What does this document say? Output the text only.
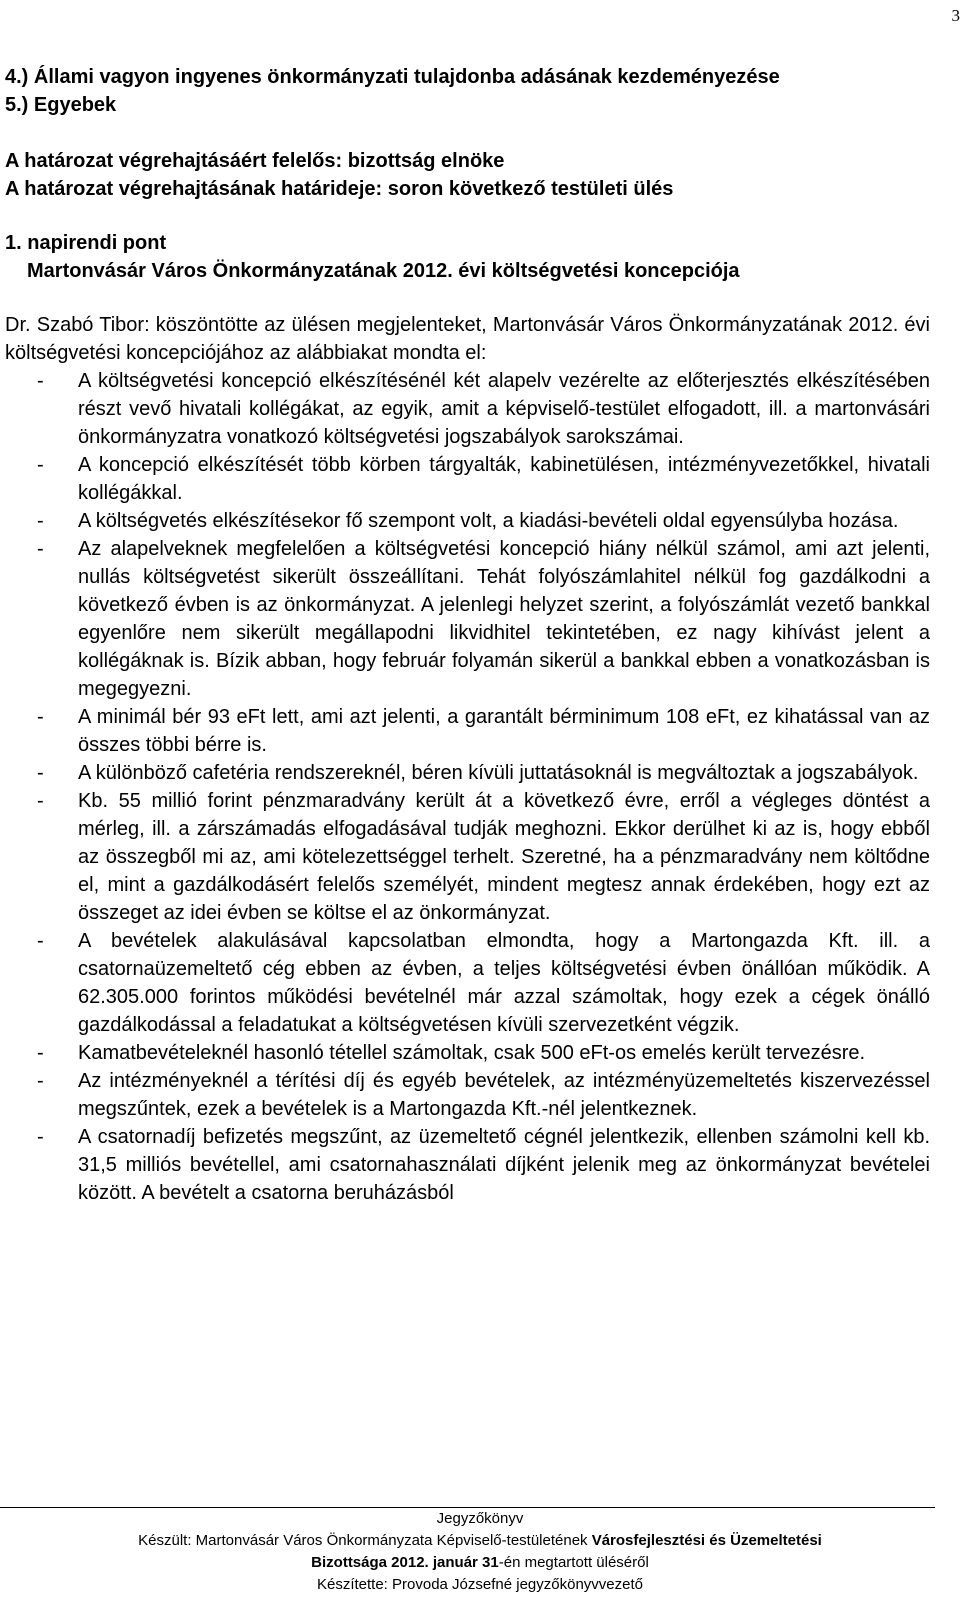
3
4.) Állami vagyon ingyenes önkormányzati tulajdonba adásának kezdeményezése
5.) Egyebek
A határozat végrehajtásáért felelős: bizottság elnöke
A határozat végrehajtásának határideje: soron következő testületi ülés
1. napirendi pont
Martonvásár Város Önkormányzatának 2012. évi költségvetési koncepciója
Dr. Szabó Tibor: köszöntötte az ülésen megjelenteket, Martonvásár Város Önkormányzatának 2012. évi költségvetési koncepciójához az alábbiakat mondta el:
- A költségvetési koncepció elkészítésénél két alapelv vezérelte az előterjesztés elkészítésében részt vevő hivatali kollégákat, az egyik, amit a képviselő-testület elfogadott, ill. a martonvásári önkormányzatra vonatkozó költségvetési jogszabályok sarokszámai.
- A koncepció elkészítését több körben tárgyalták, kabinetülésen, intézményvezetőkkel, hivatali kollégákkal.
- A költségvetés elkészítésekor fő szempont volt, a kiadási-bevételi oldal egyensúlyba hozása.
- Az alapelveknek megfelelően a költségvetési koncepció hiány nélkül számol, ami azt jelenti, nullás költségvetést sikerült összeállítani. Tehát folyószámlahitel nélkül fog gazdálkodni a következő évben is az önkormányzat. A jelenlegi helyzet szerint, a folyószámlát vezető bankkal egyenlőre nem sikerült megállapodni likvidhitel tekintetében, ez nagy kihívást jelent a kollégáknak is. Bízik abban, hogy február folyamán sikerül a bankkal ebben a vonatkozásban is megegyezni.
- A minimál bér 93 eFt lett, ami azt jelenti, a garantált bérminimum 108 eFt, ez kihatással van az összes többi bérre is.
- A különböző cafetéria rendszereknél, béren kívüli juttatásoknál is megváltoztak a jogszabályok.
- Kb. 55 millió forint pénzmaradvány került át a következő évre, erről a végleges döntést a mérleg, ill. a zárszámadás elfogadásával tudják meghozni. Ekkor derülhet ki az is, hogy ebből az összegből mi az, ami kötelezettséggel terhelt. Szeretné, ha a pénzmaradvány nem költődne el, mint a gazdálkodásért felelős személyét, mindent megtesz annak érdekében, hogy ezt az összeget az idei évben se költse el az önkormányzat.
- A bevételek alakulásával kapcsolatban elmondta, hogy a Martongazda Kft. ill. a csatornaüzemeltető cég ebben az évben, a teljes költségvetési évben önállóan működik. A 62.305.000 forintos működési bevételnél már azzal számoltak, hogy ezek a cégek önálló gazdálkodással a feladatukat a költségvetésen kívüli szervezetként végzik.
- Kamatbevételeknél hasonló tétellel számoltak, csak 500 eFt-os emelés került tervezésre.
- Az intézményeknél a térítési díj és egyéb bevételek, az intézményüzemeltetés kiszervezéssel megszűntek, ezek a bevételek is a Martongazda Kft.-nél jelentkeznek.
- A csatornadíj befizetés megszűnt, az üzemeltető cégnél jelentkezik, ellenben számolni kell kb. 31,5 milliós bevétellel, ami csatornahasználati díjként jelenik meg az önkormányzat bevételei között. A bevételt a csatorna beruházásból
Jegyzőkönyv
Készült: Martonvásár Város Önkormányzata Képviselő-testületének Városfejlesztési és Üzemeltetési
Bizottsága 2012. január 31-én megtartott üléséről
Készítette: Provoda Józsefné jegyzőkönyvvezető
